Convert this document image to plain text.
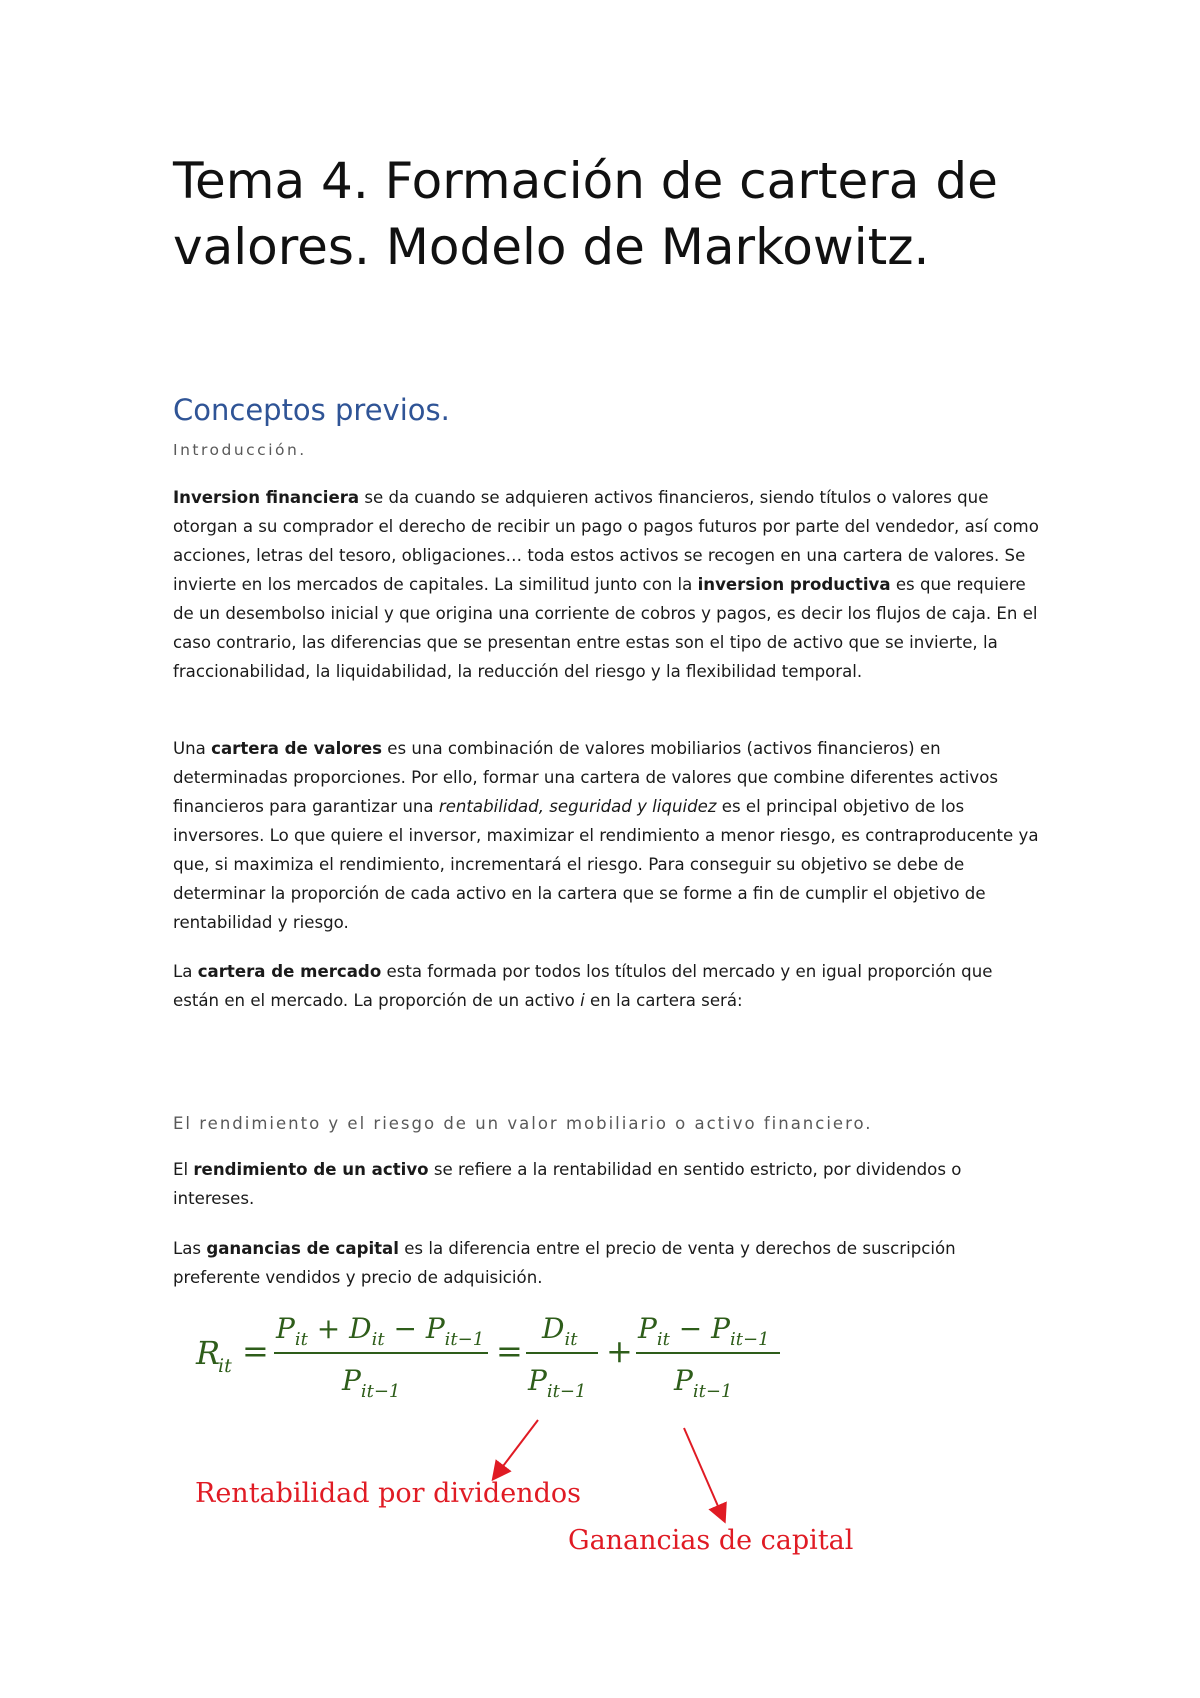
Tema 4. Formación de cartera de valores. Modelo de Markowitz.
Conceptos previos.

Introducción.

Inversion financiera se da cuando se adquieren activos financieros, siendo títulos o valores que otorgan a su comprador el derecho de recibir un pago o pagos futuros por parte del vendedor, así como acciones, letras del tesoro, obligaciones… toda estos activos se recogen en una cartera de valores. Se invierte en los mercados de capitales. La similitud junto con la inversion productiva es que requiere de un desembolso inicial y que origina una corriente de cobros y pagos, es decir los flujos de caja. En el caso contrario, las diferencias que se presentan entre estas son el tipo de activo que se invierte, la fraccionabilidad, la liquidabilidad, la reducción del riesgo y la flexibilidad temporal.

Una cartera de valores es una combinación de valores mobiliarios (activos financieros) en determinadas proporciones. Por ello, formar una cartera de valores que combine diferentes activos financieros para garantizar una rentabilidad, seguridad y liquidez es el principal objetivo de los inversores. Lo que quiere el inversor, maximizar el rendimiento a menor riesgo, es contraproducente ya que, si maximiza el rendimiento, incrementará el riesgo. Para conseguir su objetivo se debe de determinar la proporción de cada activo en la cartera que se forme a fin de cumplir el objetivo de rentabilidad y riesgo.

La cartera de mercado esta formada por todos los títulos del mercado y en igual proporción que están en el mercado. La proporción de un activo i en la cartera será:

El rendimiento y el riesgo de un valor mobiliario o activo financiero.

El rendimiento de un activo se refiere a la rentabilidad en sentido estricto, por dividendos o intereses.

Las ganancias de capital es la diferencia entre el precio de venta y derechos de suscripción preferente vendidos y precio de adquisición.

R
it =
$P_{it} + D_{it} - P_{it-1}$
$P_{it-1}$
=
$D_{it}$
$P_{it-1}$
+
$P_{it} - P_{it-1}$
$P_{it-1}$

Rentabilidad por dividendos

Ganancias de capital
